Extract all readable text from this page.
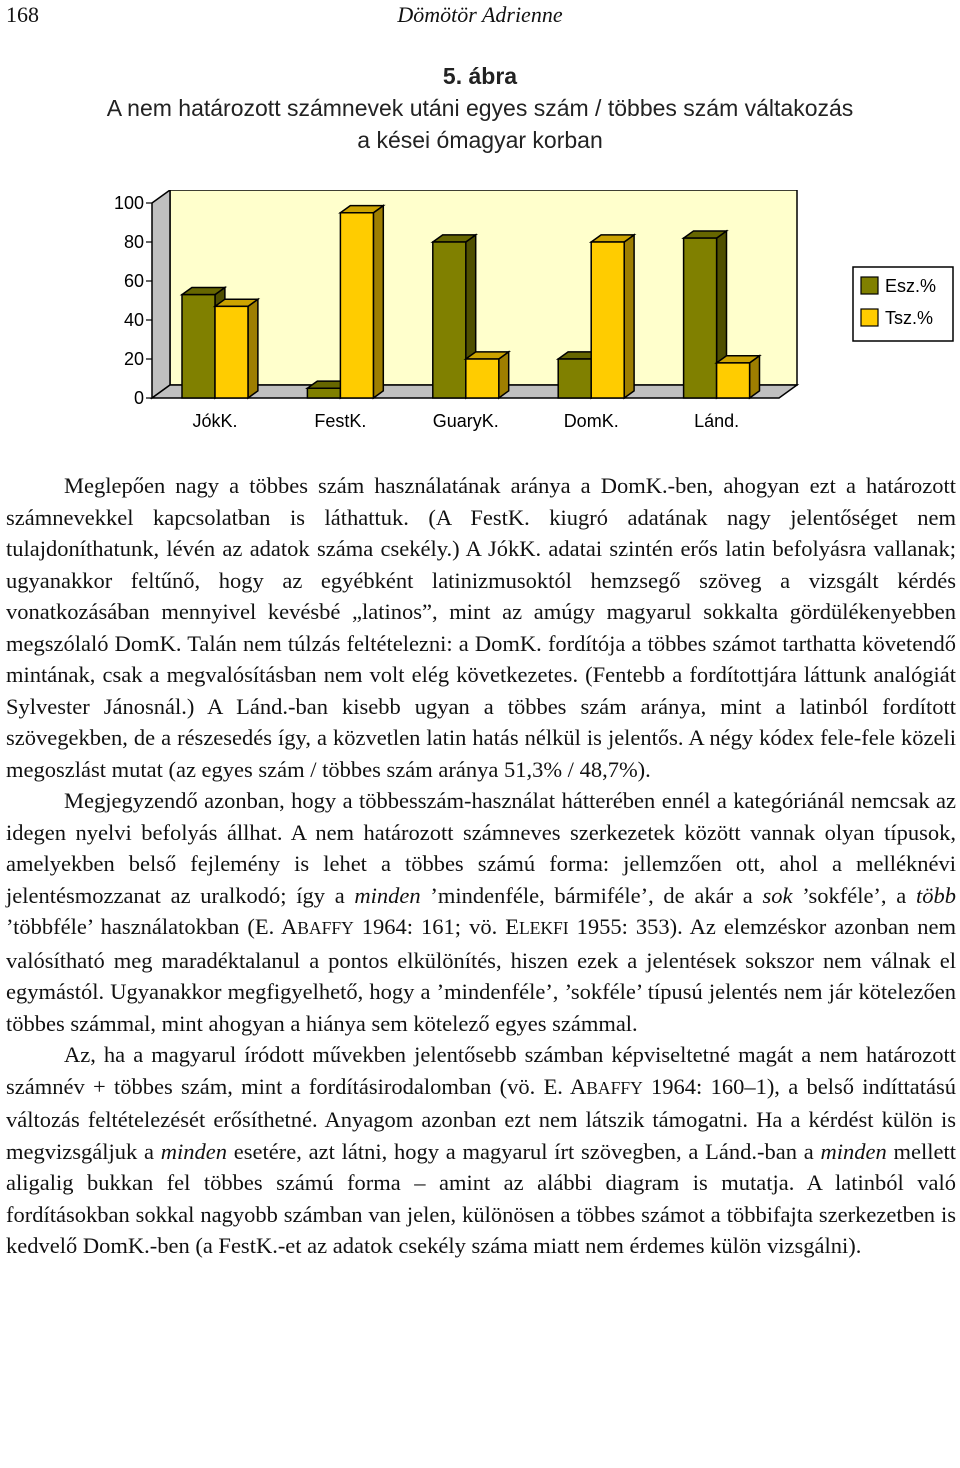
168	Dömötör Adrienne
5. ábra
A nem határozott számnevek utáni egyes szám / többes szám váltakozás
a kései ómagyar korban
0
20
40
60
80
100
JókK.	FestK.	GuaryK.	DomK.	Lánd.
Esz.%
Tsz.%

Meglepően nagy a többes szám használatának aránya a DomK.-ben, ahogyan ezt a határozott számnevekkel kapcsolatban is láthattuk. (A FestK. kiugró adatának nagy jelentőséget nem tulajdoníthatunk, lévén az adatok száma csekély.) A JókK. adatai szintén erős latin befolyásra vallanak; ugyanakkor feltűnő, hogy az egyébként latinizmusoktól hemzsegő szöveg a vizsgált kérdés vonatkozásában mennyivel kevésbé „latinos”, mint az amúgy magyarul sokkalta gördülékenyebben megszólaló DomK. Talán nem túlzás feltételezni: a DomK. fordítója a többes számot tarthatta követendő mintának, csak a megvalósításban nem volt elég következetes. (Fentebb a fordítottjára láttunk analógiát Sylvester Jánosnál.) A Lánd.-ban kisebb ugyan a többes szám aránya, mint a latinból fordított szövegekben, de a részesedés így, a közvetlen latin hatás nélkül is jelentős. A négy kódex fele-fele közeli megoszlást mutat (az egyes szám / többes szám aránya 51,3% / 48,7%).

Megjegyzendő azonban, hogy a többesszám-használat hátterében ennél a kategóriánál nemcsak az idegen nyelvi befolyás állhat. A nem határozott számneves szerkezetek között vannak olyan típusok, amelyekben belső fejlemény is lehet a többes számú forma: jellemzően ott, ahol a melléknévi jelentésmozzanat az uralkodó; így a minden ’mindenféle, bármiféle’, de akár a sok ’sokféle’, a több ’többféle’ használatokban (E. ABAFFY 1964: 161; vö. ELEKFI 1955: 353). Az elemzéskor azonban nem valósítható meg maradéktalanul a pontos elkülönítés, hiszen ezek a jelentések sokszor nem válnak el egymástól. Ugyanakkor megfigyelhető, hogy a ’mindenféle’, ’sokféle’ típusú jelentés nem jár kötelezően többes számmal, mint ahogyan a hiánya sem kötelező egyes számmal.

Az, ha a magyarul íródott művekben jelentősebb számban képviseltetné magát a nem határozott számnév + többes szám, mint a fordításirodalomban (vö. E. ABAFFY 1964: 160–1), a belső indíttatású változás feltételezését erősíthetné. Anyagom azonban ezt nem látszik támogatni. Ha a kérdést külön is megvizsgáljuk a minden esetére, azt látni, hogy a magyarul írt szövegben, a Lánd.-ban a minden mellett aligalig bukkan fel többes számú forma – amint az alábbi diagram is mutatja. A latinból való fordításokban sokkal nagyobb számban van jelen, különösen a többes számot a többifajta szerkezetben is kedvelő DomK.-ben (a FestK.-et az adatok csekély száma miatt nem érdemes külön vizsgálni).
